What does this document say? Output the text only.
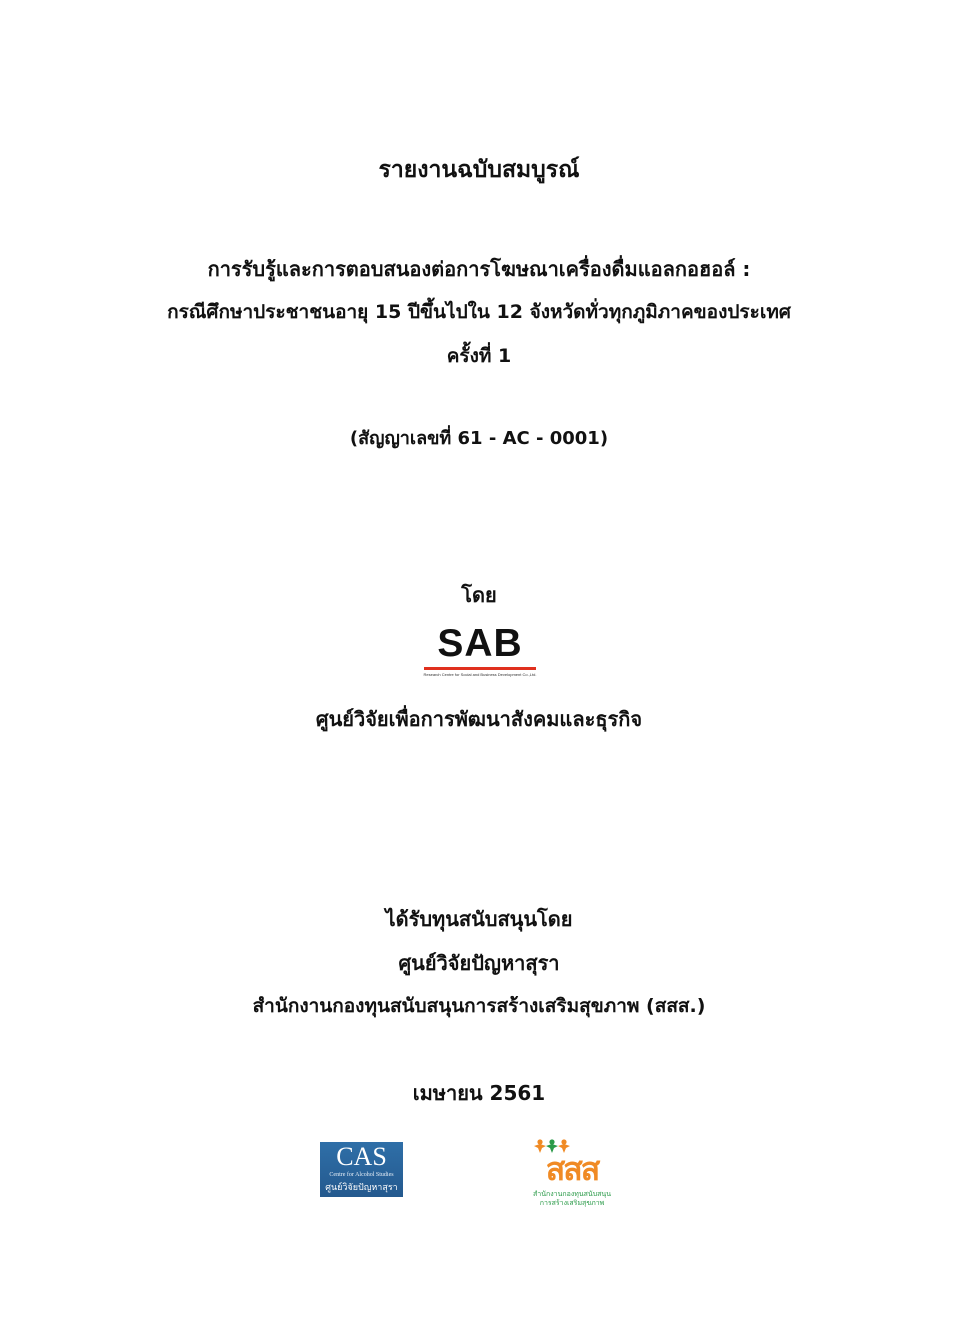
รายงานฉบับสมบูรณ์
การรับรู้และการตอบสนองต่อการโฆษณาเครื่องดื่มแอลกอฮอล์ :
กรณีศึกษาประชาชนอายุ 15 ปีขึ้นไปใน 12 จังหวัดทั่วทุกภูมิภาคของประเทศ
ครั้งที่ 1
(สัญญาเลขที่ 61 - AC - 0001)
โดย
SAB
Research Centre for Social and Business Development Co.,Ltd.
ศูนย์วิจัยเพื่อการพัฒนาสังคมและธุรกิจ
ได้รับทุนสนับสนุนโดย
ศูนย์วิจัยปัญหาสุรา
สำนักงานกองทุนสนับสนุนการสร้างเสริมสุขภาพ (สสส.)
เมษายน 2561
CAS
Centre for Alcohol Studies
ศูนย์วิจัยปัญหาสุรา	สสส
สำนักงานกองทุนสนับสนุน
การสร้างเสริมสุขภาพ
